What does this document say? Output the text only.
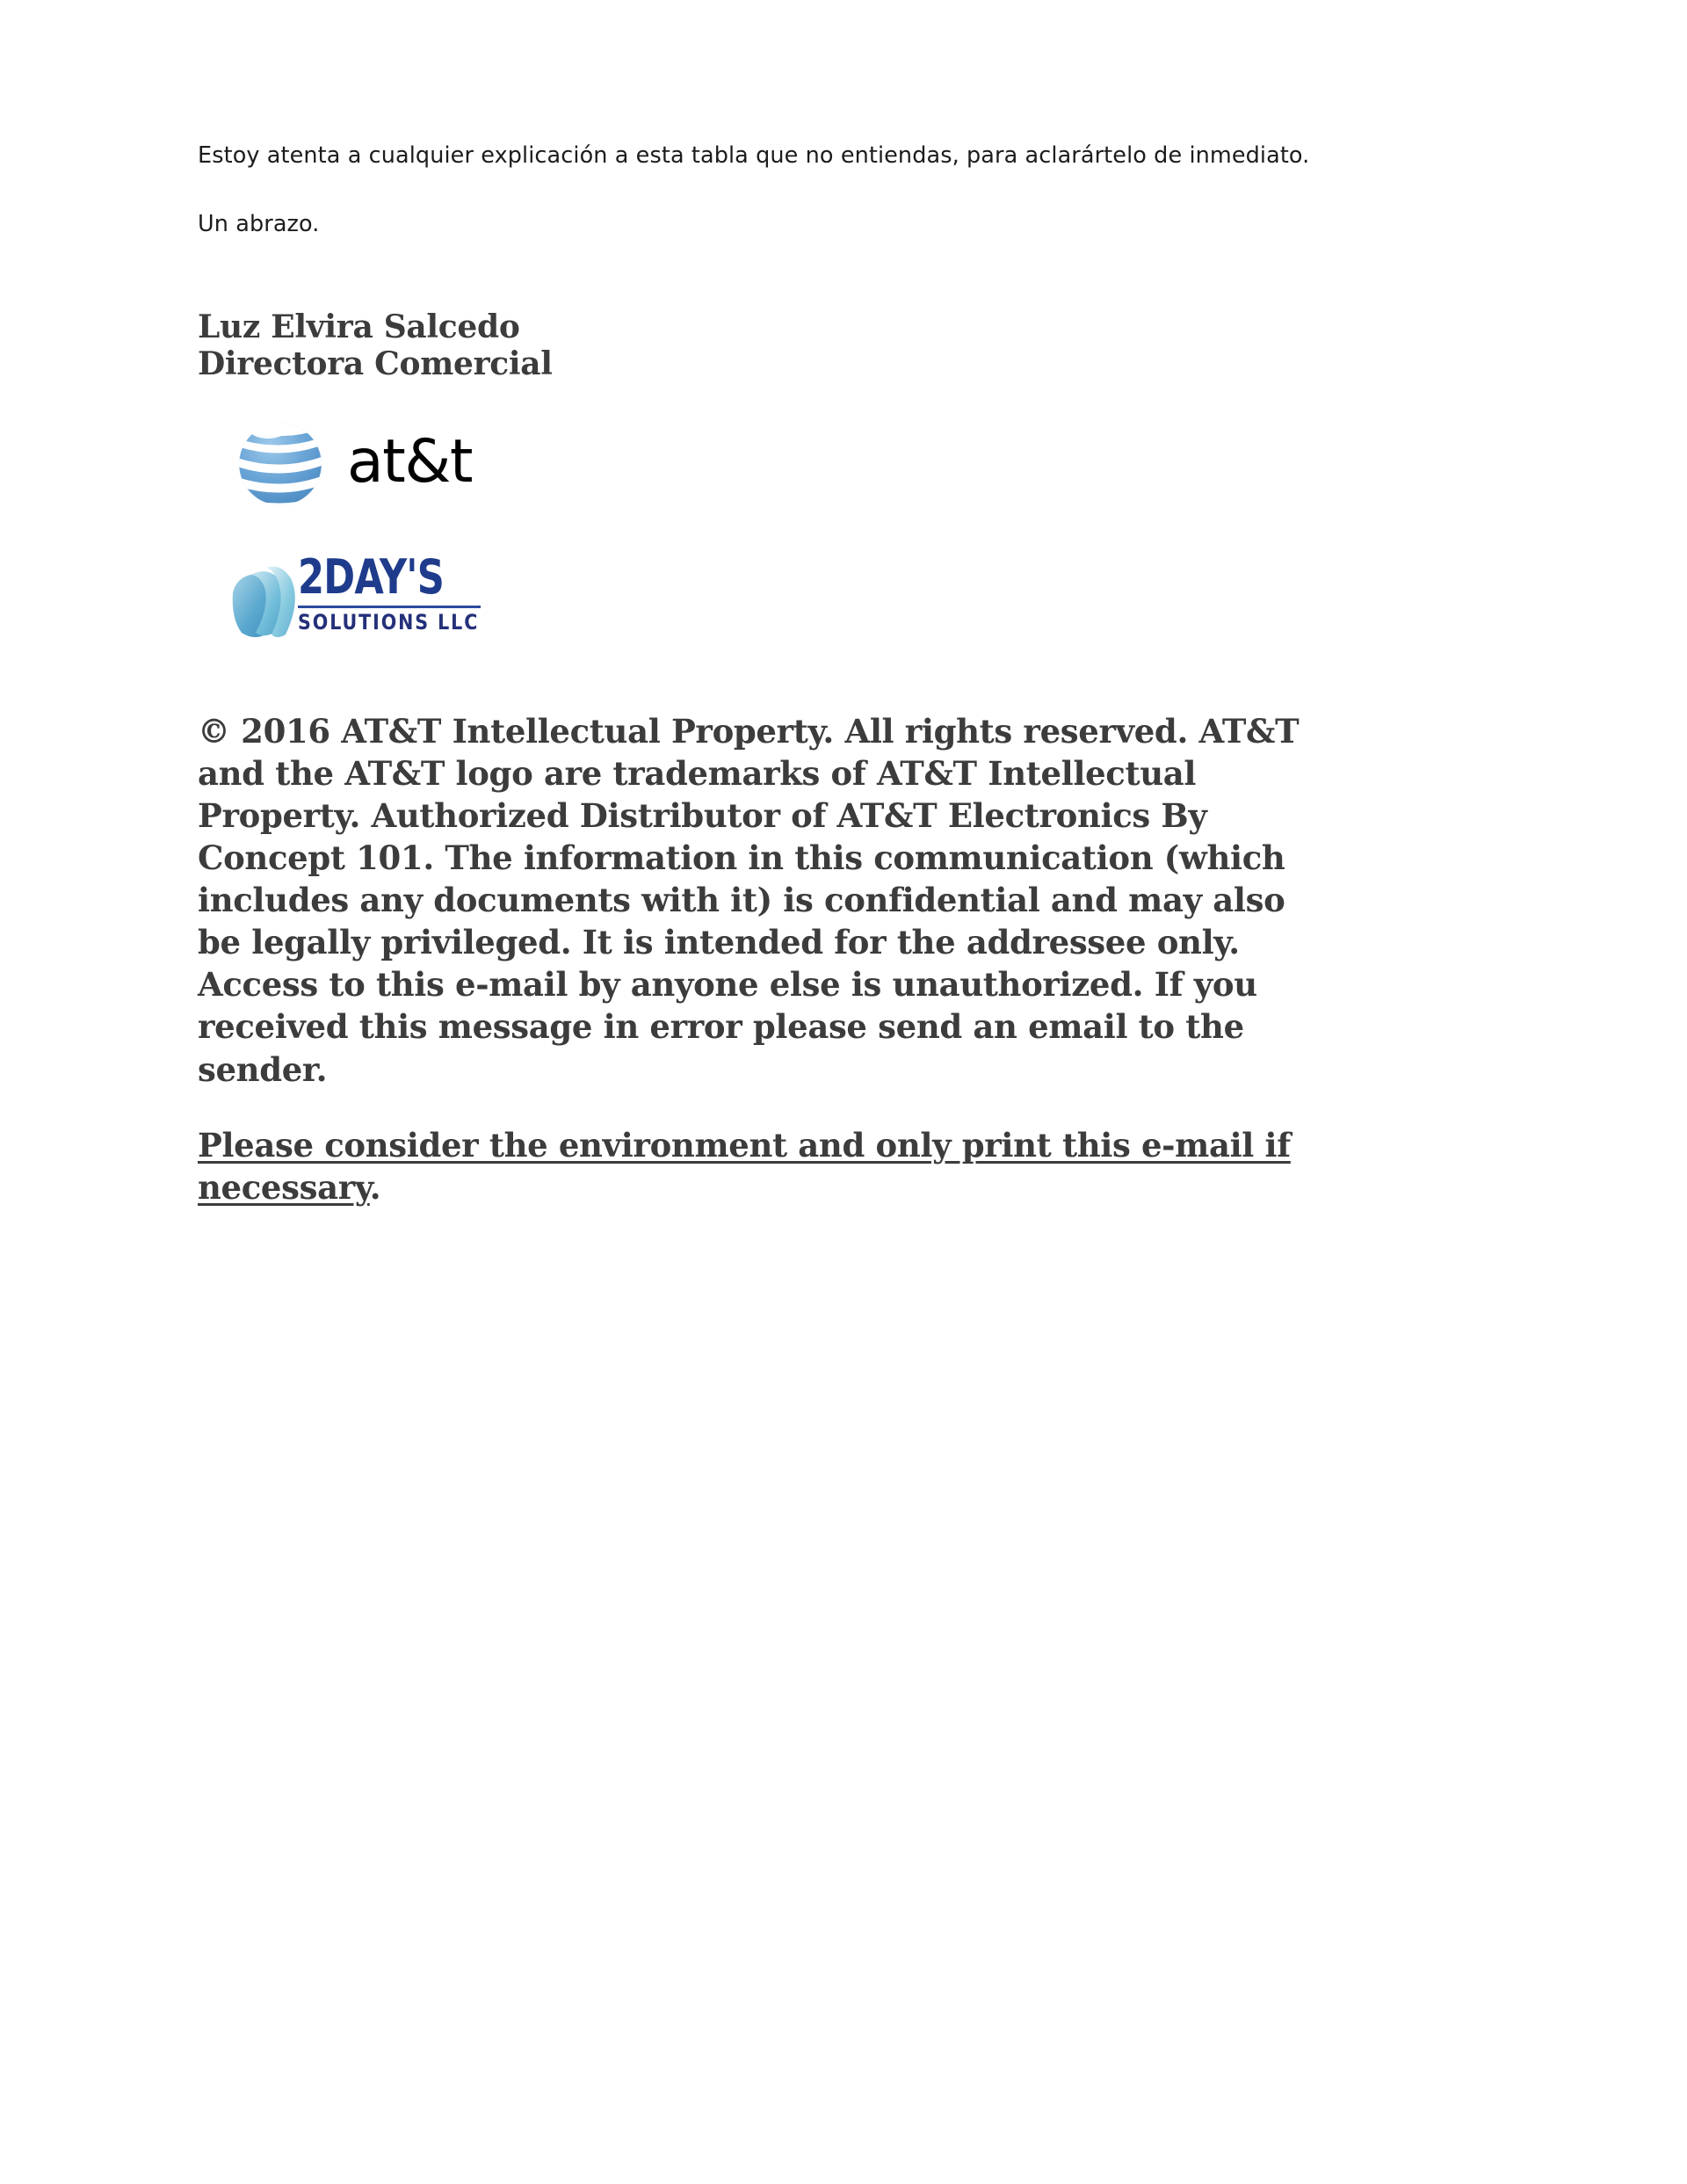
Estoy atenta a cualquier explicación a esta tabla que no entiendas, para aclarártelo de inmediato.
Un abrazo.
Luz Elvira Salcedo
Directora Comercial
at&t
2DAY'S
SOLUTIONS LLC
© 2016 AT&T Intellectual Property. All rights reserved. AT&T and the AT&T logo are trademarks of AT&T Intellectual Property. Authorized Distributor of AT&T Electronics By Concept 101. The information in this communication (which includes any documents with it) is confidential and may also be legally privileged. It is intended for the addressee only. Access to this e-mail by anyone else is unauthorized. If you received this message in error please send an email to the sender.
Please consider the environment and only print this e-mail if necessary.
